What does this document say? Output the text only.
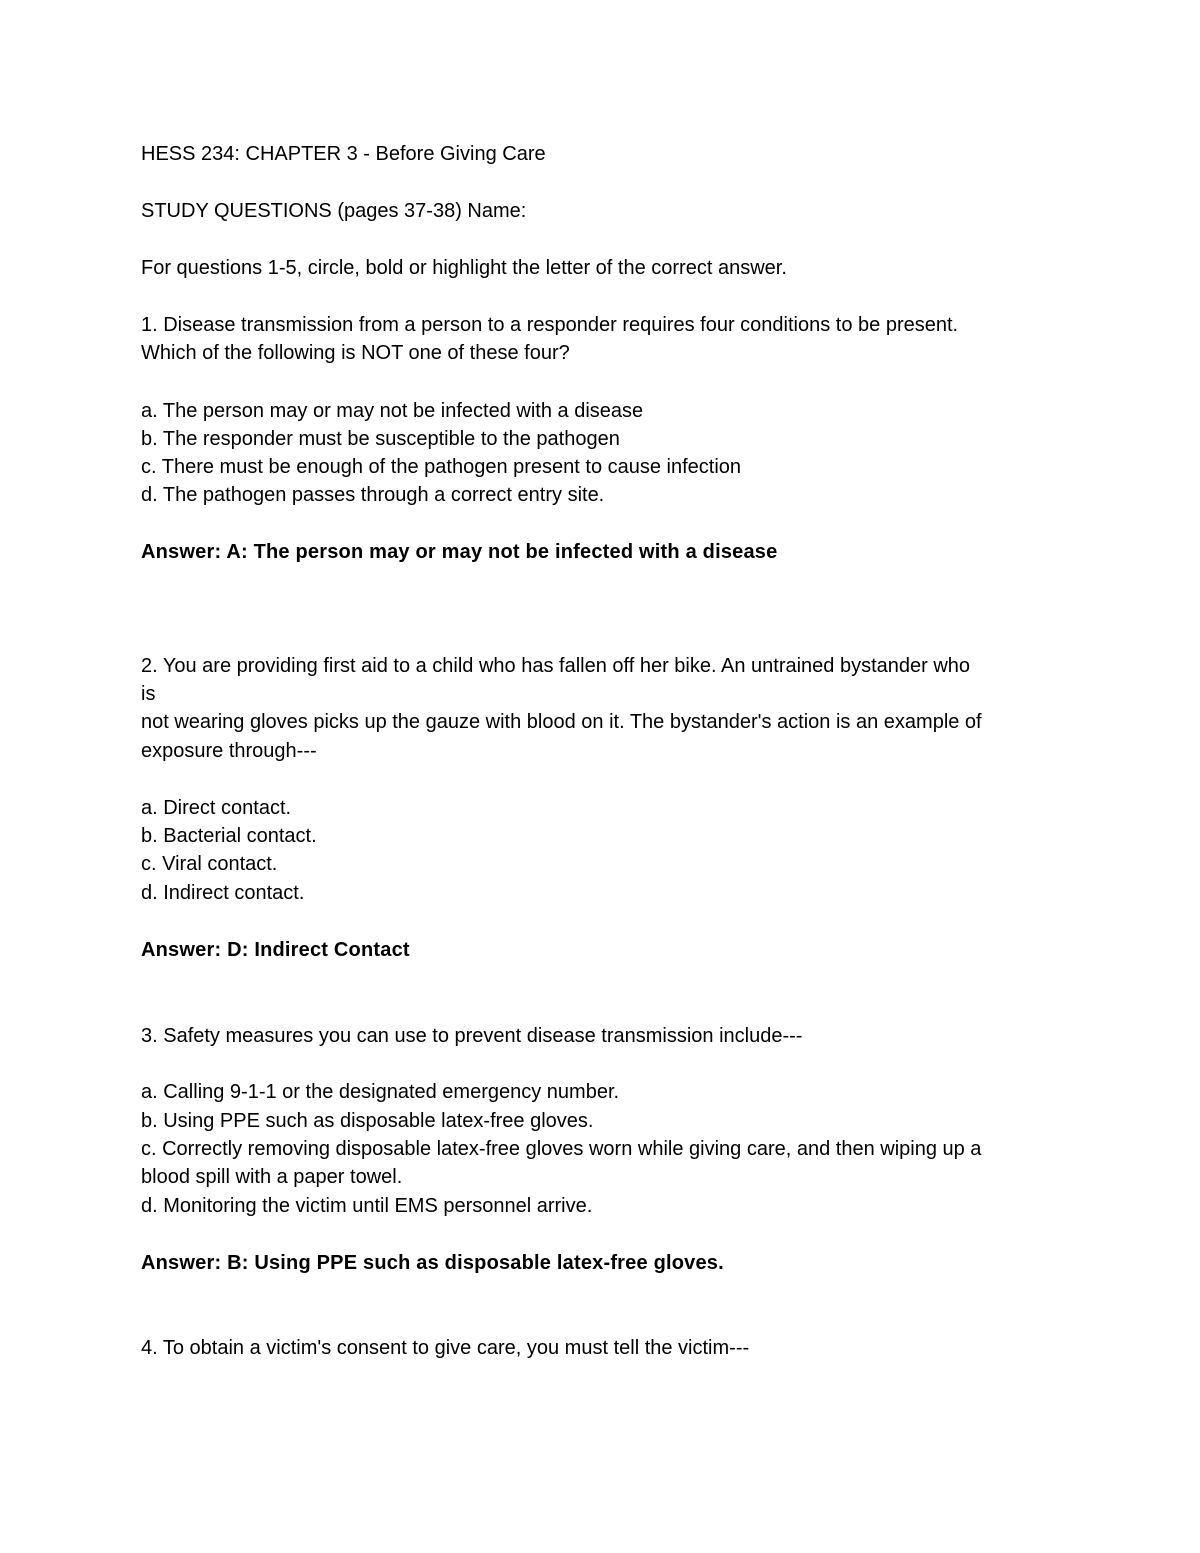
HESS 234: CHAPTER 3 - Before Giving Care
STUDY QUESTIONS (pages 37-38) Name:
For questions 1-5, circle, bold or highlight the letter of the correct answer.
1. Disease transmission from a person to a responder requires four conditions to be present.
Which of the following is NOT one of these four?
a. The person may or may not be infected with a disease
b. The responder must be susceptible to the pathogen
c. There must be enough of the pathogen present to cause infection
d. The pathogen passes through a correct entry site.
Answer: A: The person may or may not be infected with a disease
2. You are providing first aid to a child who has fallen off her bike. An untrained bystander who
is
not wearing gloves picks up the gauze with blood on it. The bystander's action is an example of
exposure through---
a. Direct contact.
b. Bacterial contact.
c. Viral contact.
d. Indirect contact.
Answer: D: Indirect Contact
3. Safety measures you can use to prevent disease transmission include---
a. Calling 9-1-1 or the designated emergency number.
b. Using PPE such as disposable latex-free gloves.
c. Correctly removing disposable latex-free gloves worn while giving care, and then wiping up a
blood spill with a paper towel.
d. Monitoring the victim until EMS personnel arrive.
Answer: B: Using PPE such as disposable latex-free gloves.
4. To obtain a victim's consent to give care, you must tell the victim---
